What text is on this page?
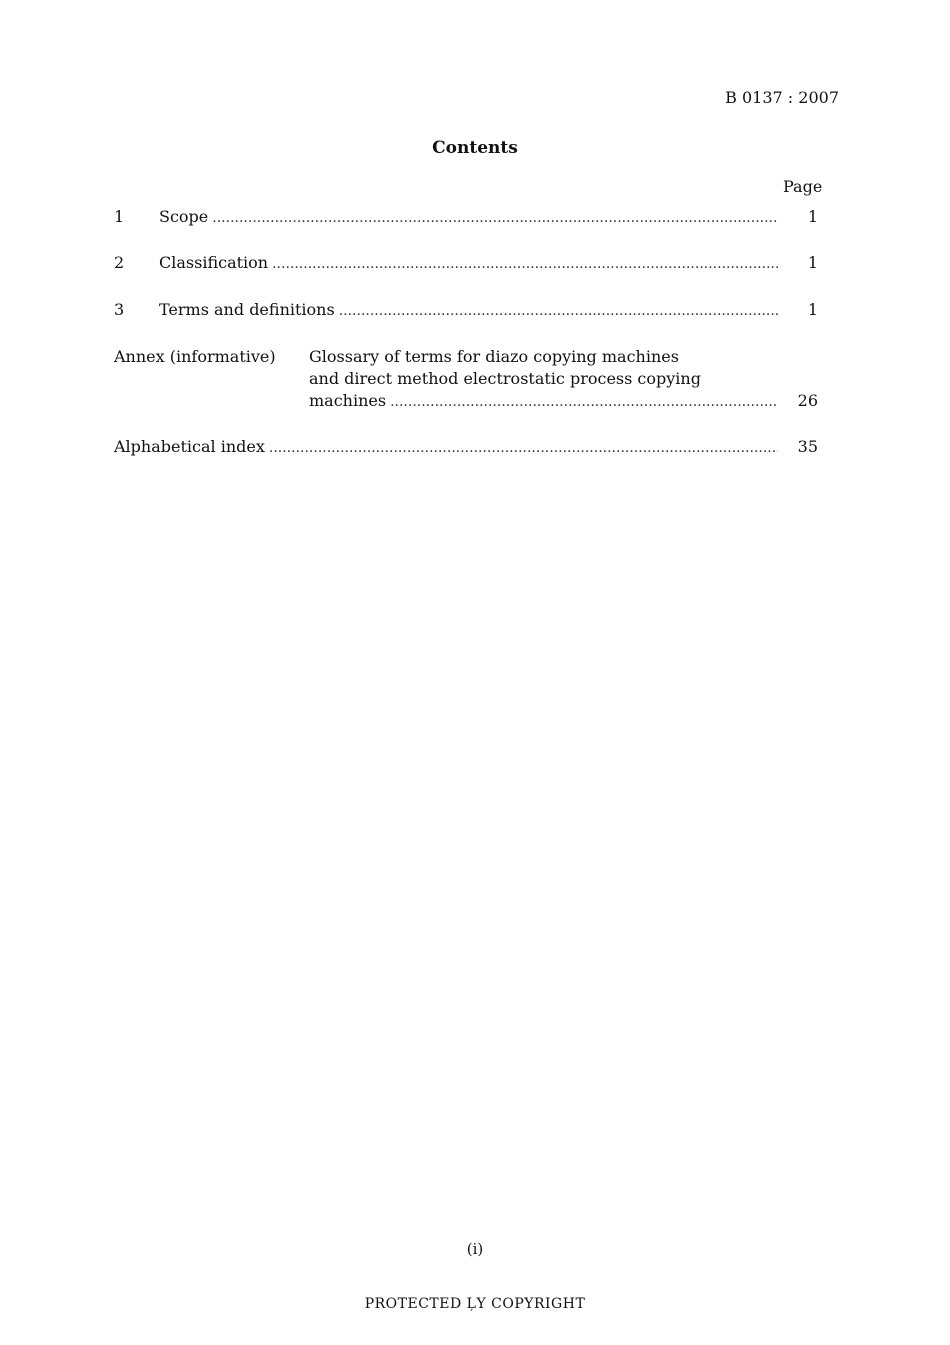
B 0137 : 2007
Contents
Page
1	Scope .....	1
2	Classification .....	1
3	Terms and definitions .....	1
Annex (informative) Glossary of terms for diazo copying machines
and direct method electrostatic process copying
machines .....	26
Alphabetical index .....	35
(i)
PROTECTED ĻY COPYRIGHT
